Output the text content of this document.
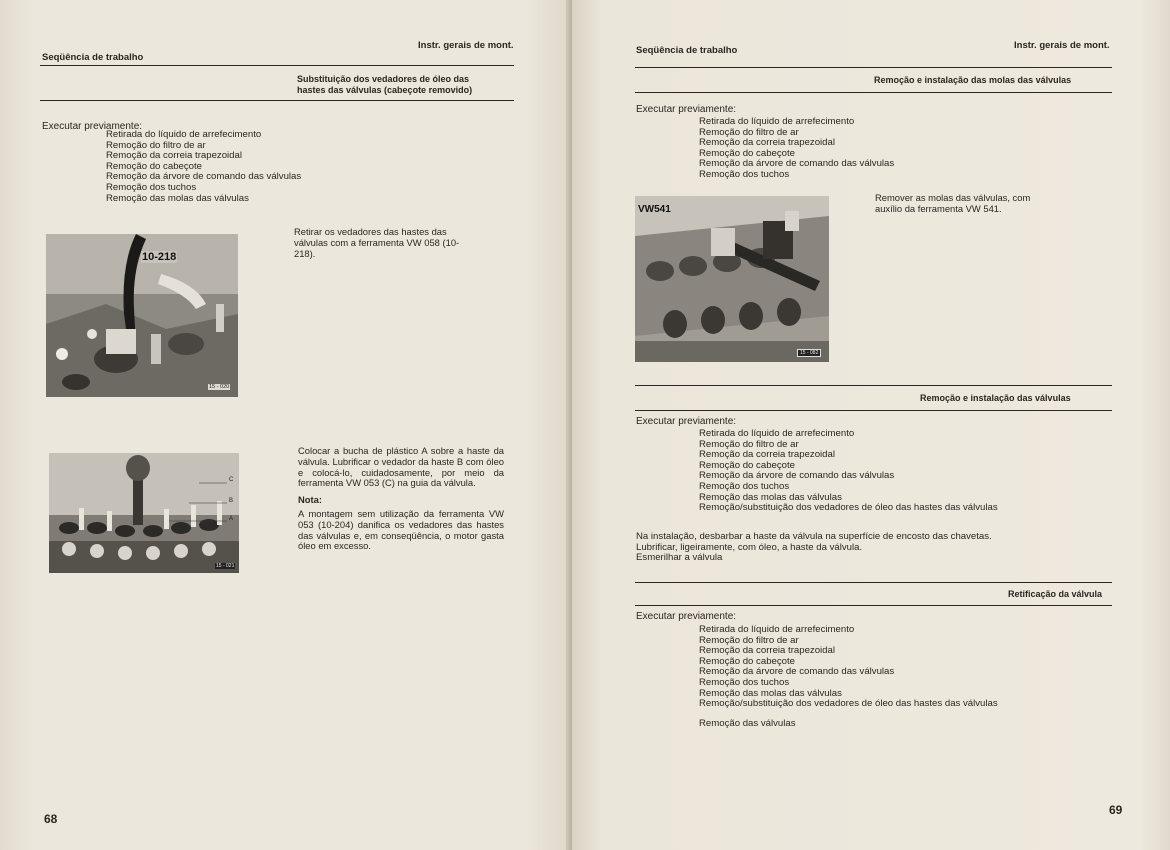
Seqüência de trabalho
Instr. gerais de mont.
Substituição dos vedadores de óleo das
hastes das válvulas (cabeçote removido)
Executar previamente:
Retirada do líquido de arrefecimento
Remoção do filtro de ar
Remoção da correia trapezoidal
Remoção do cabeçote
Remoção da árvore de comando das válvulas
Remoção dos tuchos
Remoção das molas das válvulas
10-218
15 - 020
Retirar os vedadores das hastes das válvulas com a ferramenta VW 058 (10-218).
C
B
A
15 - 021
Colocar a bucha de plástico A sobre a haste da válvula. Lubrificar o vedador da haste B com óleo e colocá-lo, cuidadosamente, por meio da ferramenta VW 053 (C) na guia da válvula.
Nota:
A montagem sem utilização da ferramenta VW 053 (10-204) danifica os vedadores das hastes das válvulas e, em conseqüência, o motor gasta óleo em excesso.
68
Seqüência de trabalho	Instr. gerais de mont.
Remoção e instalação das molas das válvulas
Executar previamente:
Retirada do líquido de arrefecimento
Remoção do filtro de ar
Remoção da correia trapezoidal
Remoção do cabeçote
Remoção da árvore de comando das válvulas
Remoção dos tuchos
VW541
15 - 082
Remover as molas das válvulas, com auxílio da ferramenta VW 541.
Remoção e instalação das válvulas
Executar previamente:
Retirada do líquido de arrefecimento
Remoção do filtro de ar
Remoção da correia trapezoidal
Remoção do cabeçote
Remoção da árvore de comando das válvulas
Remoção dos tuchos
Remoção das molas das válvulas
Remoção/substituição dos vedadores de óleo das hastes das válvulas
Na instalação, desbarbar a haste da válvula na superfície de encosto das chavetas.
Lubrificar, ligeiramente, com óleo, a haste da válvula.
Esmerilhar a válvula
Retificação da válvula
Executar previamente:
Retirada do líquido de arrefecimento
Remoção do filtro de ar
Remoção da correia trapezoidal
Remoção do cabeçote
Remoção da árvore de comando das válvulas
Remoção dos tuchos
Remoção das molas das válvulas
Remoção/substituição dos vedadores de óleo das hastes das válvulas
Remoção das válvulas
69
